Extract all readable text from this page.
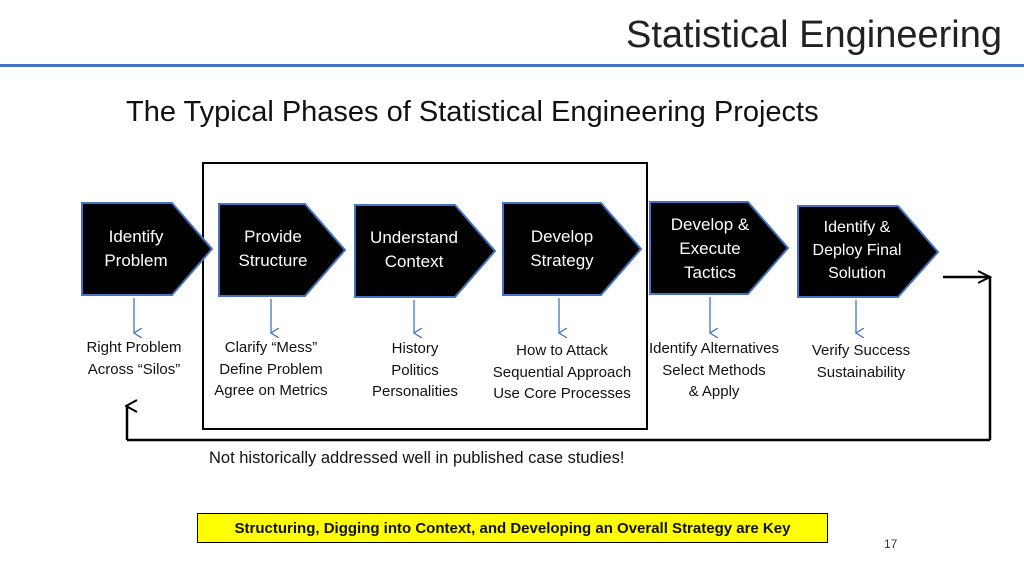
Statistical Engineering
The Typical Phases of Statistical Engineering Projects
Identify
Problem
Provide
Structure
Understand
Context
Develop
Strategy
Develop &
Execute
Tactics
Identify &
Deploy Final
Solution
Right Problem
Across “Silos”
Clarify “Mess”
Define Problem
Agree on Metrics
History
Politics
Personalities
How to Attack
Sequential Approach
Use Core Processes
Identify Alternatives
Select Methods
& Apply
Verify Success
Sustainability
Not historically addressed well in published case studies!
Structuring, Digging into Context, and Developing an Overall Strategy are Key
17
